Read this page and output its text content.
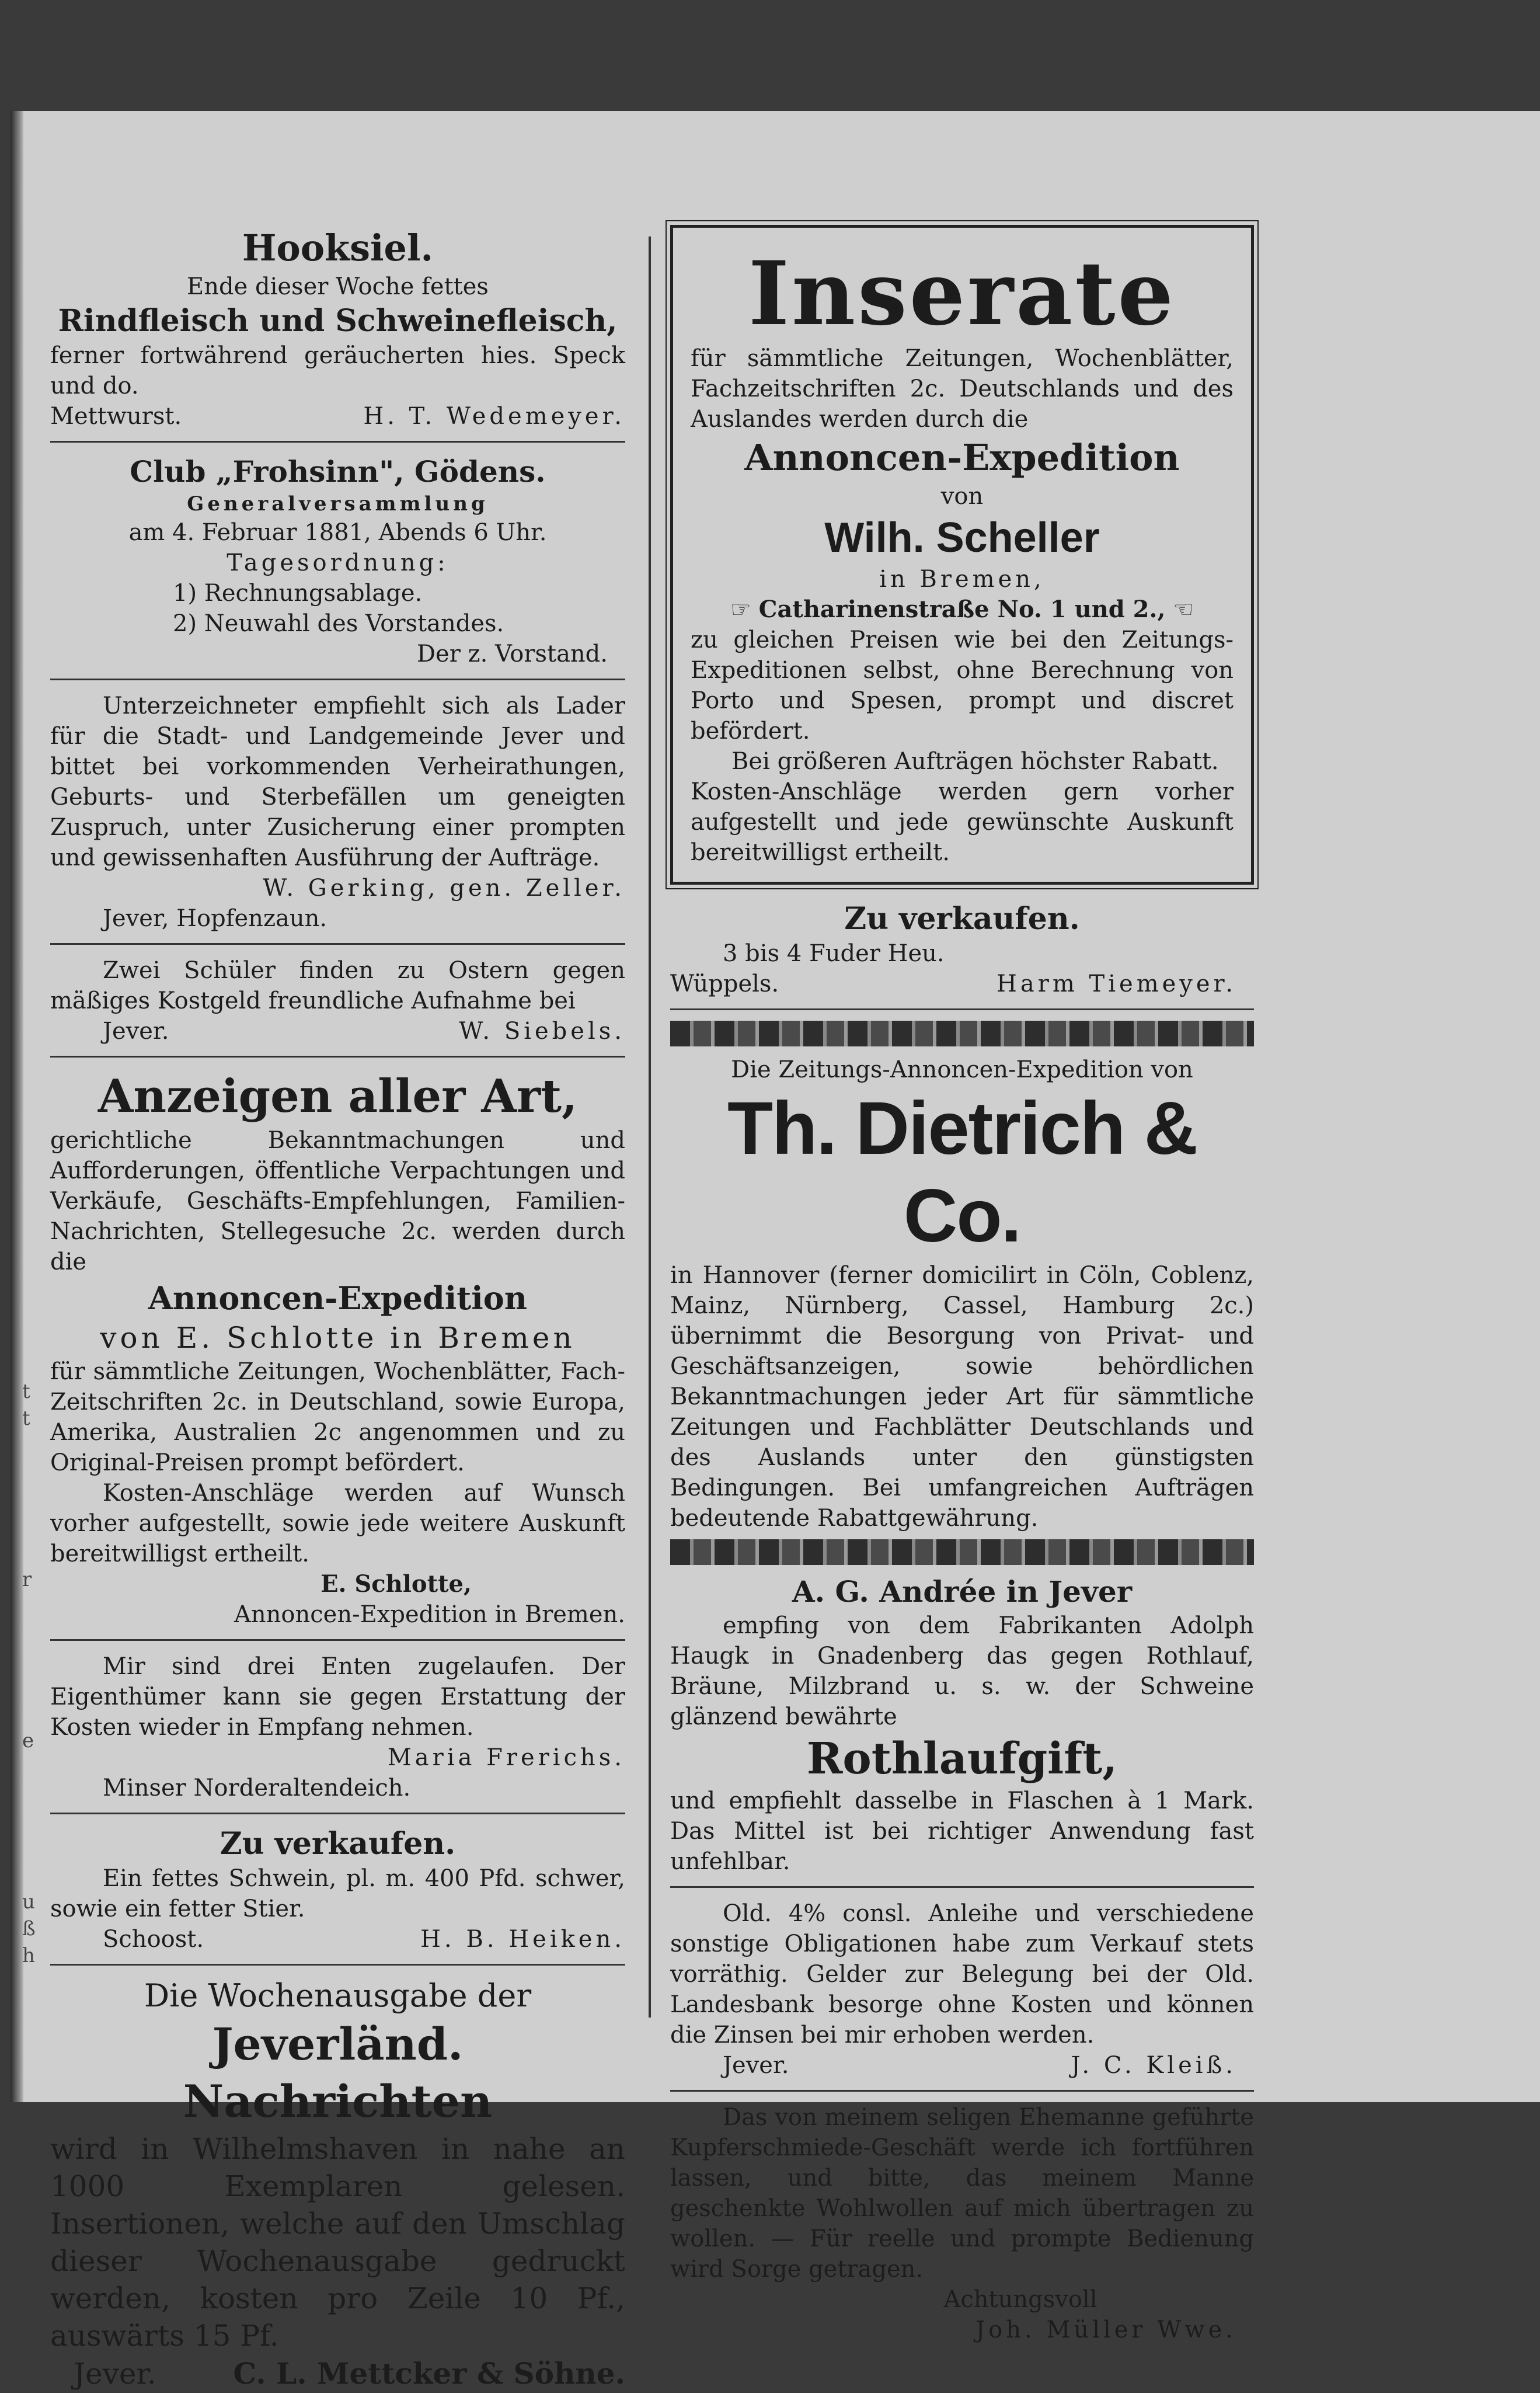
t
t
r
e
u
ß
h
Hooksiel.
Ende dieser Woche fettes
Rindfleisch und Schweinefleisch,
ferner fortwährend geräucherten hies. Speck und do.
Mettwurst.	H. T. Wedemeyer.
Club „Frohsinn", Gödens.
Generalversammlung
am 4. Februar 1881, Abends 6 Uhr.
Tagesordnung:
1) Rechnungsablage.
2) Neuwahl des Vorstandes.
Der z. Vorstand.
Unterzeichneter empfiehlt sich als Lader für die Stadt- und Landgemeinde Jever und bittet bei vorkommenden Verheirathungen, Geburts- und Sterbefällen um geneigten Zuspruch, unter Zusicherung einer prompten und gewissenhaften Ausführung der Aufträge.
W. Gerking, gen. Zeller.
Jever, Hopfenzaun.
Zwei Schüler finden zu Ostern gegen mäßiges Kostgeld freundliche Aufnahme bei
Jever.	W. Siebels.
Anzeigen aller Art,
gerichtliche Bekanntmachungen und Aufforderungen, öffentliche Verpachtungen und Verkäufe, Geschäfts-Empfehlungen, Familien-Nachrichten, Stellegesuche 2c. werden durch die
Annoncen-Expedition
von E. Schlotte in Bremen
für sämmtliche Zeitungen, Wochenblätter, Fach-Zeitschriften 2c. in Deutschland, sowie Europa, Amerika, Australien 2c angenommen und zu Original-Preisen prompt befördert.
Kosten-Anschläge werden auf Wunsch vorher aufgestellt, sowie jede weitere Auskunft bereitwilligst ertheilt.
E. Schlotte,
Annoncen-Expedition in Bremen.
Mir sind drei Enten zugelaufen. Der Eigenthümer kann sie gegen Erstattung der Kosten wieder in Empfang nehmen.
Maria Frerichs.
Minser Norderaltendeich.
Zu verkaufen.
Ein fettes Schwein, pl. m. 400 Pfd. schwer, sowie ein fetter Stier.
Schoost.	H. B. Heiken.
Die Wochenausgabe der
Jeverländ. Nachrichten
wird in Wilhelmshaven in nahe an 1000 Exemplaren gelesen. Insertionen, welche auf den Umschlag dieser Wochenausgabe gedruckt werden, kosten pro Zeile 10 Pf., auswärts 15 Pf.
Jever.	C. L. Mettcker & Söhne.
Inserate
für sämmtliche Zeitungen, Wochenblätter, Fachzeitschriften 2c. Deutschlands und des Auslandes werden durch die
Annoncen-Expedition
von
Wilh. Scheller
in Bremen,
☞ Catharinenstraße No. 1 und 2., ☜
zu gleichen Preisen wie bei den Zeitungs-Expeditionen selbst, ohne Berechnung von Porto und Spesen, prompt und discret befördert.
Bei größeren Aufträgen höchster Rabatt.
Kosten-Anschläge werden gern vorher aufgestellt und jede gewünschte Auskunft bereitwilligst ertheilt.
Zu verkaufen.
3 bis 4 Fuder Heu.
Wüppels.	Harm Tiemeyer.
Die Zeitungs-Annoncen-Expedition von
Th. Dietrich & Co.
in Hannover (ferner domicilirt in Cöln, Coblenz, Mainz, Nürnberg, Cassel, Hamburg 2c.) übernimmt die Besorgung von Privat- und Geschäftsanzeigen, sowie behördlichen Bekanntmachungen jeder Art für sämmtliche Zeitungen und Fachblätter Deutschlands und des Auslands unter den günstigsten Bedingungen. Bei umfangreichen Aufträgen bedeutende Rabattgewährung.
A. G. Andrée in Jever
empfing von dem Fabrikanten Adolph Haugk in Gnadenberg das gegen Rothlauf, Bräune, Milzbrand u. s. w. der Schweine glänzend bewährte
Rothlaufgift,
und empfiehlt dasselbe in Flaschen à 1 Mark. Das Mittel ist bei richtiger Anwendung fast unfehlbar.
Old. 4% consl. Anleihe und verschiedene sonstige Obligationen habe zum Verkauf stets vorräthig. Gelder zur Belegung bei der Old. Landesbank besorge ohne Kosten und können die Zinsen bei mir erhoben werden.
Jever.	J. C. Kleiß.
Das von meinem seligen Ehemanne geführte Kupferschmiede-Geschäft werde ich fortführen lassen, und bitte, das meinem Manne geschenkte Wohlwollen auf mich übertragen zu wollen. — Für reelle und prompte Bedienung wird Sorge getragen.
Achtungsvoll
Joh. Müller Wwe.
